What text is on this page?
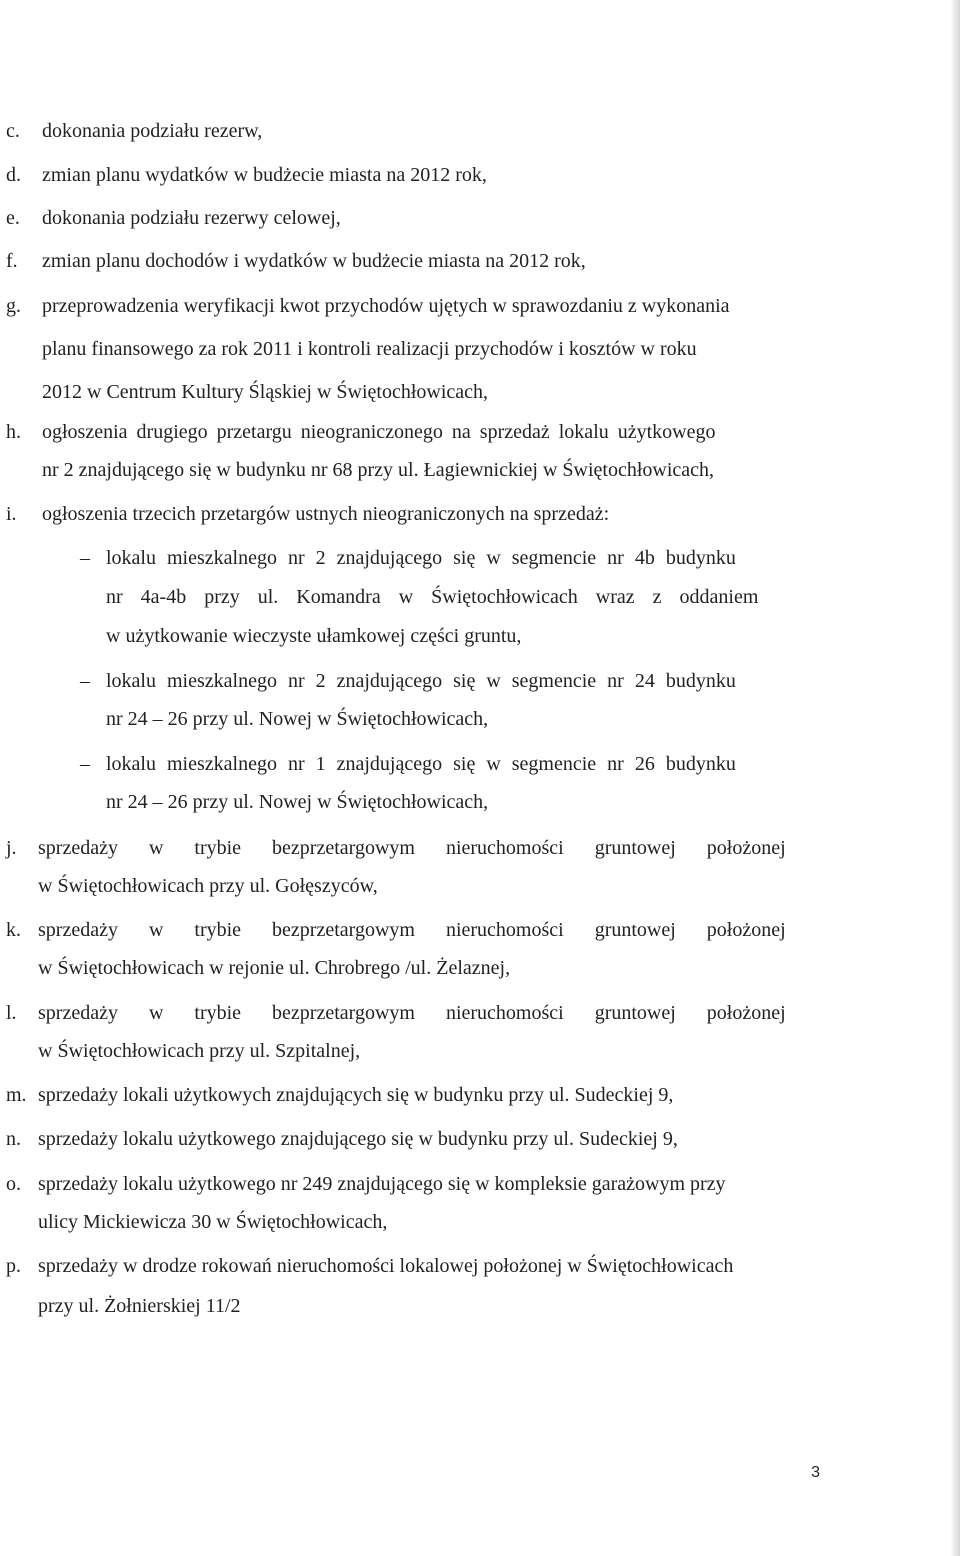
c. dokonania podziału rezerw,
d. zmian planu wydatków w budżecie miasta na 2012 rok,
e. dokonania podziału rezerwy celowej,
f. zmian planu dochodów i wydatków w budżecie miasta na 2012 rok,
g. przeprowadzenia weryfikacji kwot przychodów ujętych w sprawozdaniu z wykonania
planu finansowego za rok 2011 i kontroli realizacji przychodów i kosztów w roku
2012 w Centrum Kultury Śląskiej w Świętochłowicach,
h. ogłoszenia drugiego przetargu nieograniczonego na sprzedaż lokalu użytkowego
nr 2 znajdującego się w budynku nr 68 przy ul. Łagiewnickiej w Świętochłowicach,
i. ogłoszenia trzecich przetargów ustnych nieograniczonych na sprzedaż:
– lokalu mieszkalnego nr 2 znajdującego się w segmencie nr 4b budynku
nr 4a-4b przy ul. Komandra w Świętochłowicach wraz z oddaniem
w użytkowanie wieczyste ułamkowej części gruntu,
– lokalu mieszkalnego nr 2 znajdującego się w segmencie nr 24 budynku
nr 24 – 26 przy ul. Nowej w Świętochłowicach,
– lokalu mieszkalnego nr 1 znajdującego się w segmencie nr 26 budynku
nr 24 – 26 przy ul. Nowej w Świętochłowicach,
j. sprzedaży w trybie bezprzetargowym nieruchomości gruntowej położonej
w Świętochłowicach przy ul. Gołęszyców,
k. sprzedaży w trybie bezprzetargowym nieruchomości gruntowej położonej
w Świętochłowicach w rejonie ul. Chrobrego /ul. Żelaznej,
l. sprzedaży w trybie bezprzetargowym nieruchomości gruntowej położonej
w Świętochłowicach przy ul. Szpitalnej,
m. sprzedaży lokali użytkowych znajdujących się w budynku przy ul. Sudeckiej 9,
n. sprzedaży lokalu użytkowego znajdującego się w budynku przy ul. Sudeckiej 9,
o. sprzedaży lokalu użytkowego nr 249 znajdującego się w kompleksie garażowym przy
ulicy Mickiewicza 30 w Świętochłowicach,
p. sprzedaży w drodze rokowań nieruchomości lokalowej położonej w Świętochłowicach
przy ul. Żołnierskiej 11/2
3
